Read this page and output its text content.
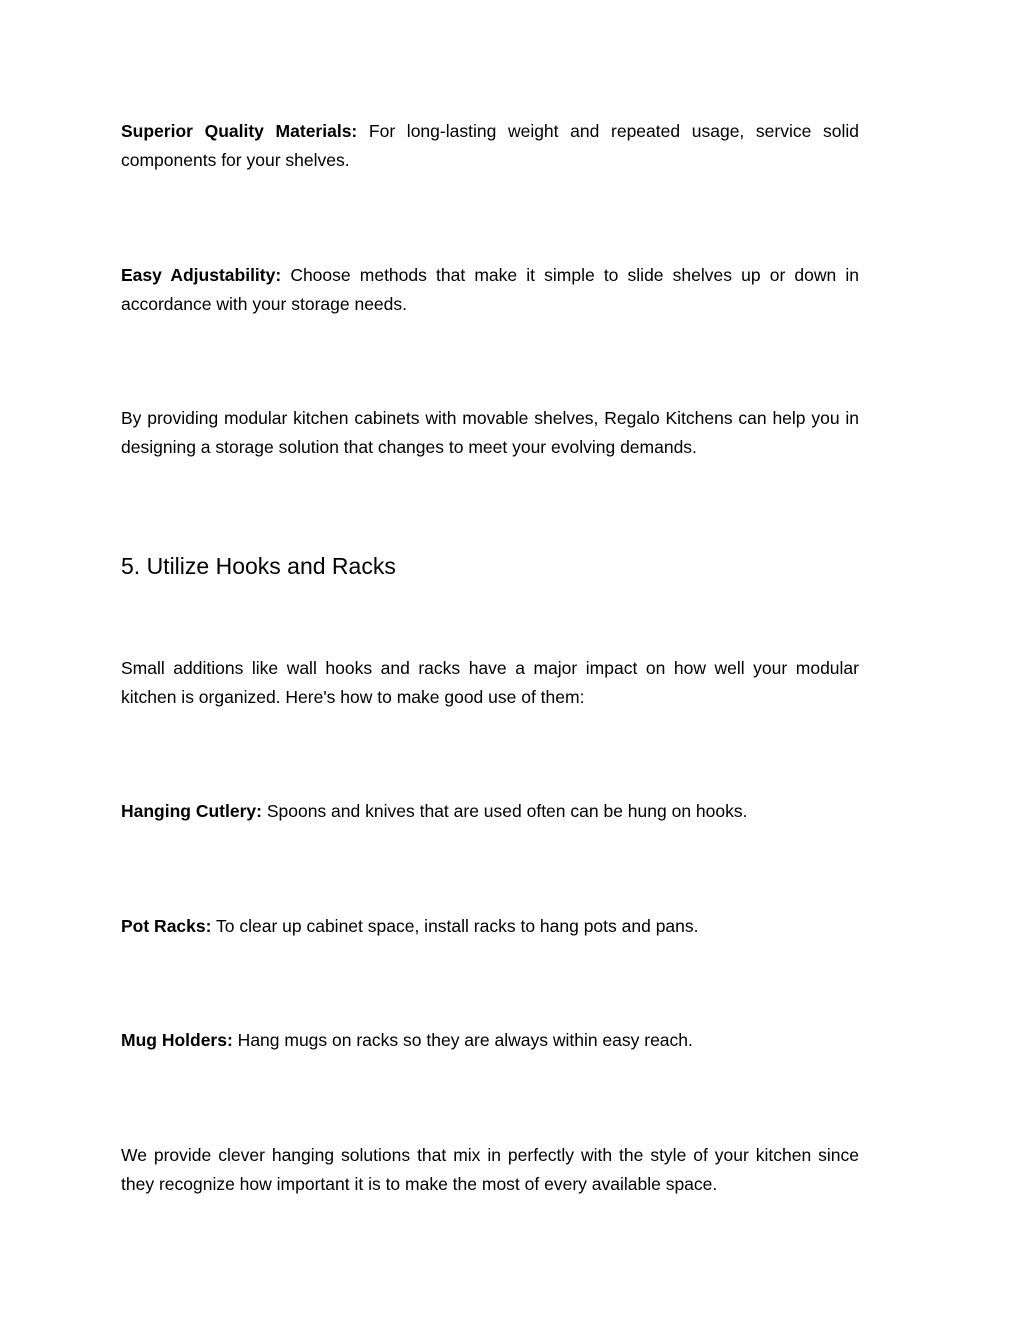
Superior Quality Materials: For long-lasting weight and repeated usage, service solid components for your shelves.

Easy Adjustability: Choose methods that make it simple to slide shelves up or down in accordance with your storage needs.

By providing modular kitchen cabinets with movable shelves, Regalo Kitchens can help you in designing a storage solution that changes to meet your evolving demands.

5. Utilize Hooks and Racks

Small additions like wall hooks and racks have a major impact on how well your modular kitchen is organized. Here's how to make good use of them:

Hanging Cutlery: Spoons and knives that are used often can be hung on hooks.

Pot Racks: To clear up cabinet space, install racks to hang pots and pans.

Mug Holders: Hang mugs on racks so they are always within easy reach.

We provide clever hanging solutions that mix in perfectly with the style of your kitchen since they recognize how important it is to make the most of every available space.
